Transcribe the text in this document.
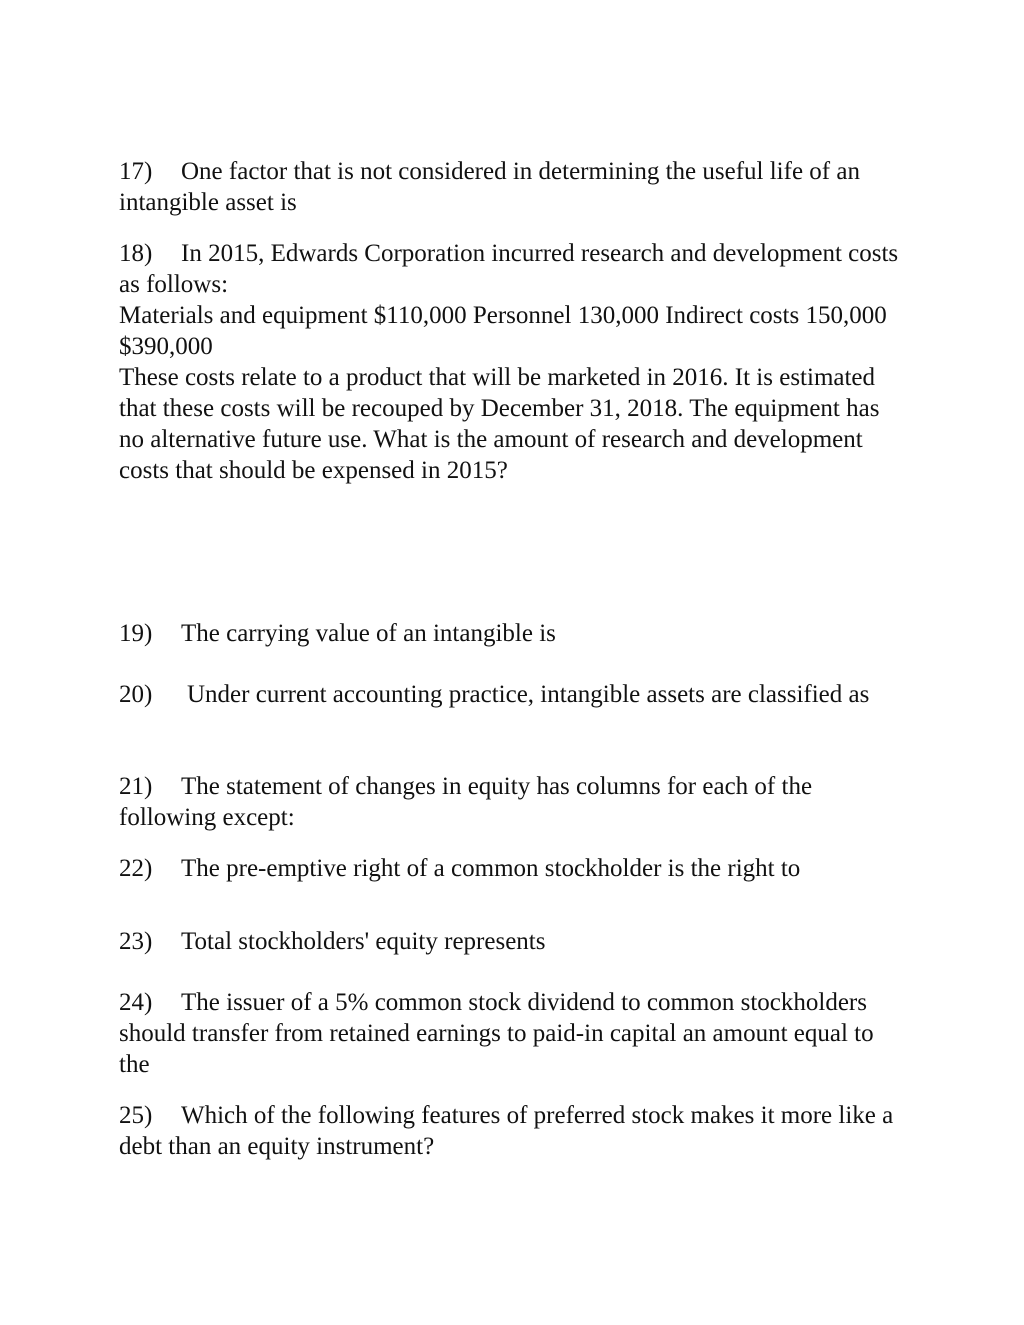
17) One factor that is not considered in determining the useful life of an intangible asset is
18) In 2015, Edwards Corporation incurred research and development costs as follows:
Materials and equipment $110,000 Personnel 130,000 Indirect costs 150,000 $390,000
These costs relate to a product that will be marketed in 2016. It is estimated that these costs will be recouped by December 31, 2018. The equipment has no alternative future use. What is the amount of research and development costs that should be expensed in 2015?
19) The carrying value of an intangible is
20) Under current accounting practice, intangible assets are classified as
21) The statement of changes in equity has columns for each of the following except:
22) The pre-emptive right of a common stockholder is the right to
23) Total stockholders' equity represents
24) The issuer of a 5% common stock dividend to common stockholders should transfer from retained earnings to paid-in capital an amount equal to the
25) Which of the following features of preferred stock makes it more like a debt than an equity instrument?
